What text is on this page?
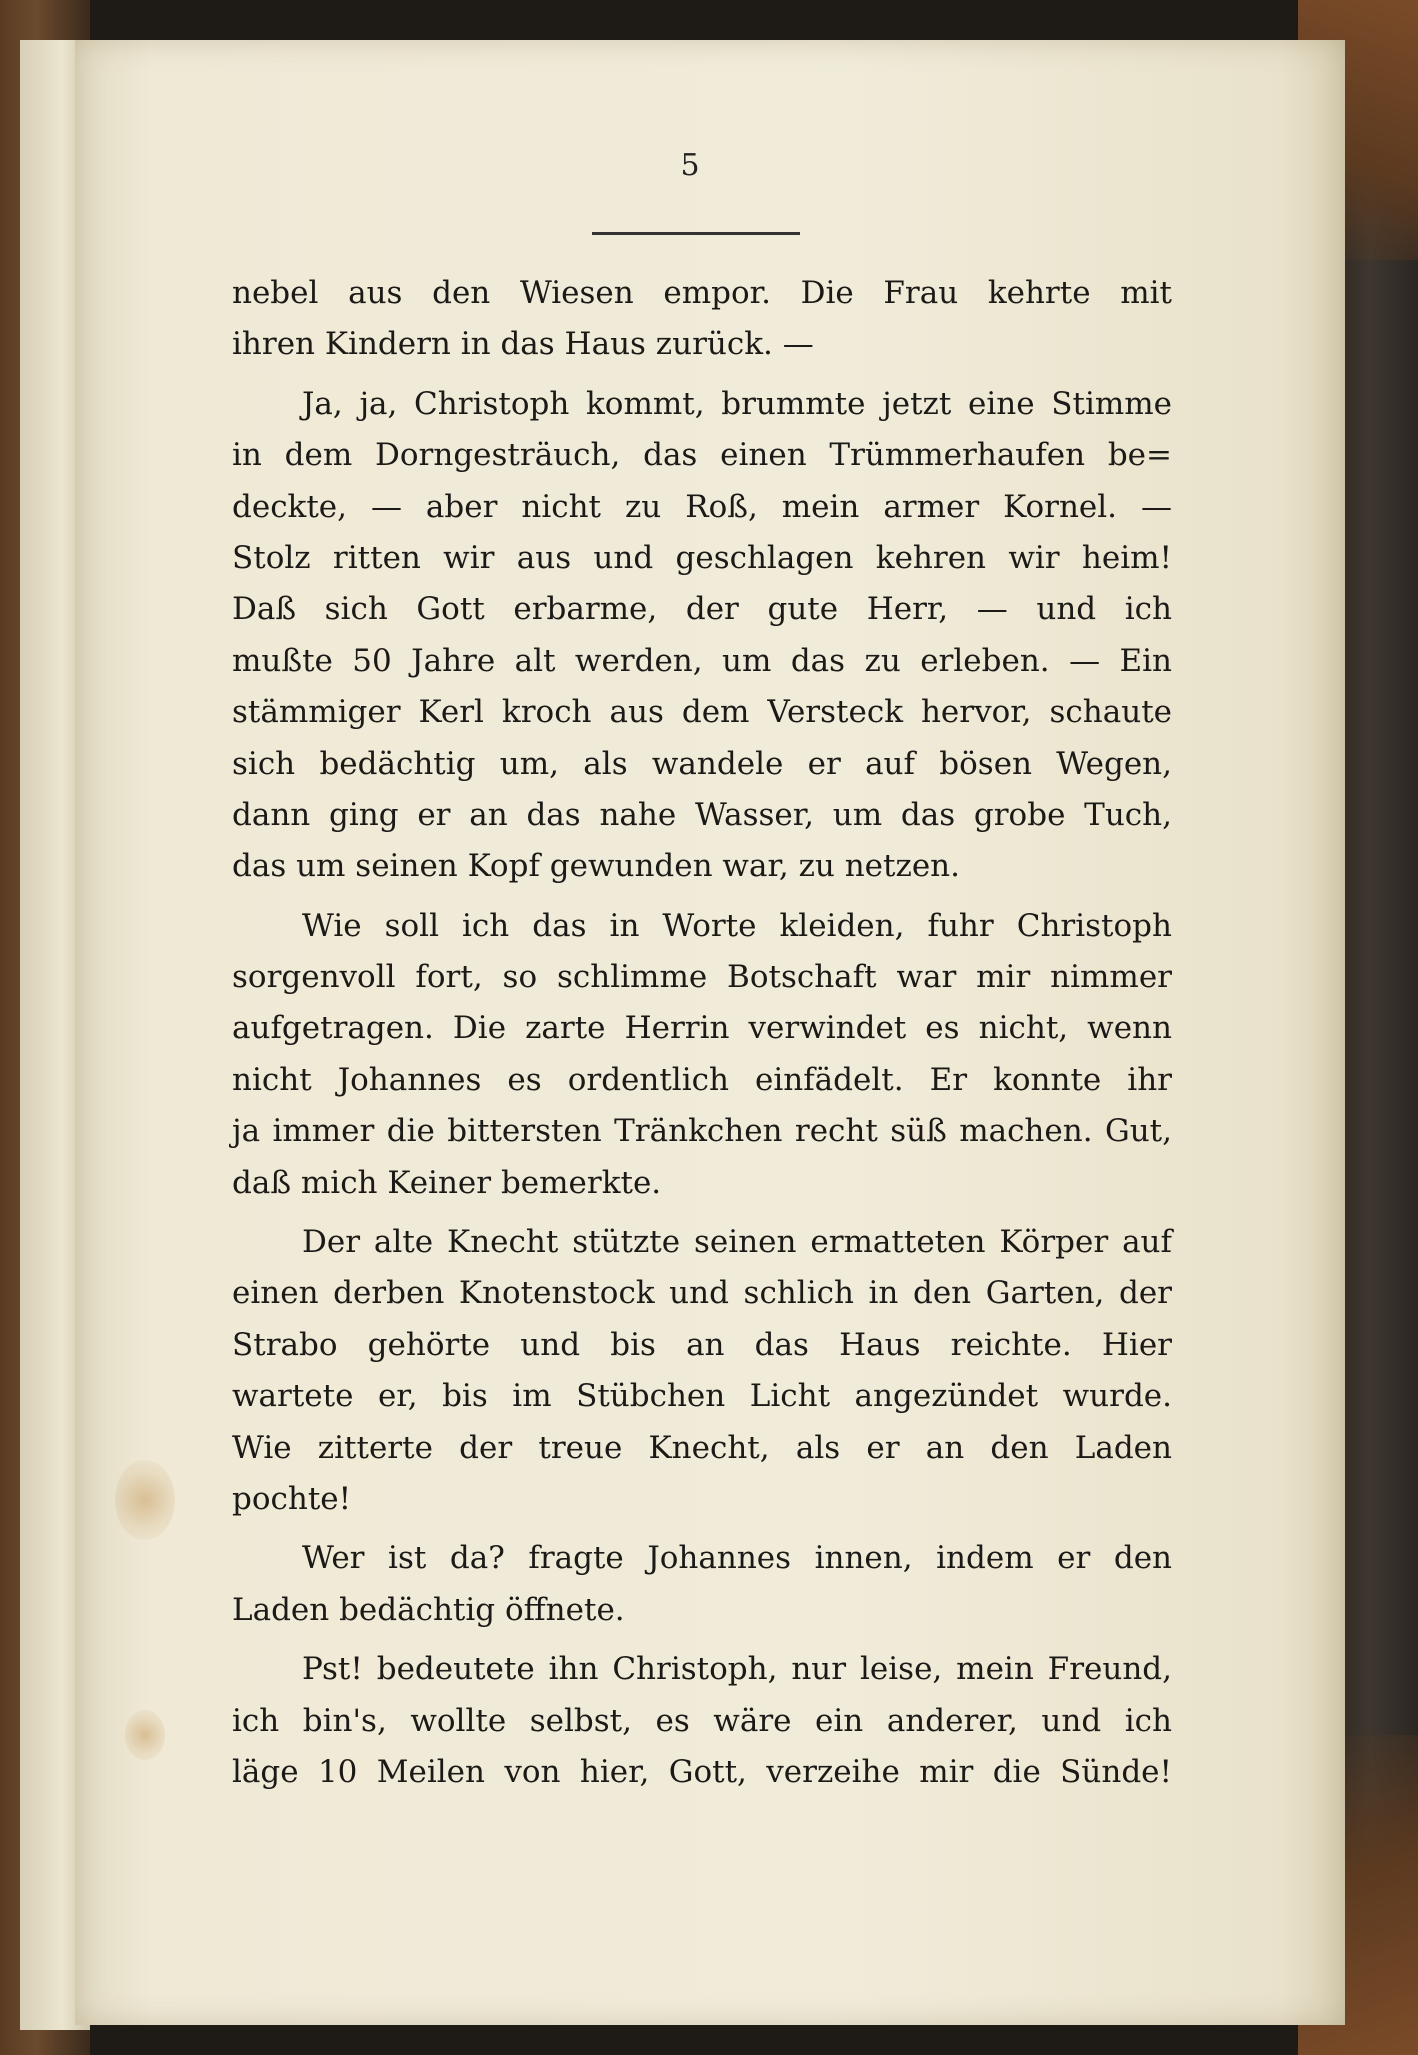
5
nebel aus den Wiesen empor. Die Frau kehrte mit
ihren Kindern in das Haus zurück. —
Ja, ja, Christoph kommt, brummte jetzt eine Stimme
in dem Dorngesträuch, das einen Trümmerhaufen be=
deckte, — aber nicht zu Roß, mein armer Kornel. —
Stolz ritten wir aus und geschlagen kehren wir heim!
Daß sich Gott erbarme, der gute Herr, — und ich
mußte 50 Jahre alt werden, um das zu erleben. — Ein
stämmiger Kerl kroch aus dem Versteck hervor, schaute
sich bedächtig um, als wandele er auf bösen Wegen,
dann ging er an das nahe Wasser, um das grobe Tuch,
das um seinen Kopf gewunden war, zu netzen.
Wie soll ich das in Worte kleiden, fuhr Christoph
sorgenvoll fort, so schlimme Botschaft war mir nimmer
aufgetragen. Die zarte Herrin verwindet es nicht, wenn
nicht Johannes es ordentlich einfädelt. Er konnte ihr
ja immer die bittersten Tränkchen recht süß machen. Gut,
daß mich Keiner bemerkte.
Der alte Knecht stützte seinen ermatteten Körper auf
einen derben Knotenstock und schlich in den Garten, der
Strabo gehörte und bis an das Haus reichte. Hier
wartete er, bis im Stübchen Licht angezündet wurde.
Wie zitterte der treue Knecht, als er an den Laden
pochte!
Wer ist da? fragte Johannes innen, indem er den
Laden bedächtig öffnete.
Pst! bedeutete ihn Christoph, nur leise, mein Freund,
ich bin's, wollte selbst, es wäre ein anderer, und ich
läge 10 Meilen von hier, Gott, verzeihe mir die Sünde!
